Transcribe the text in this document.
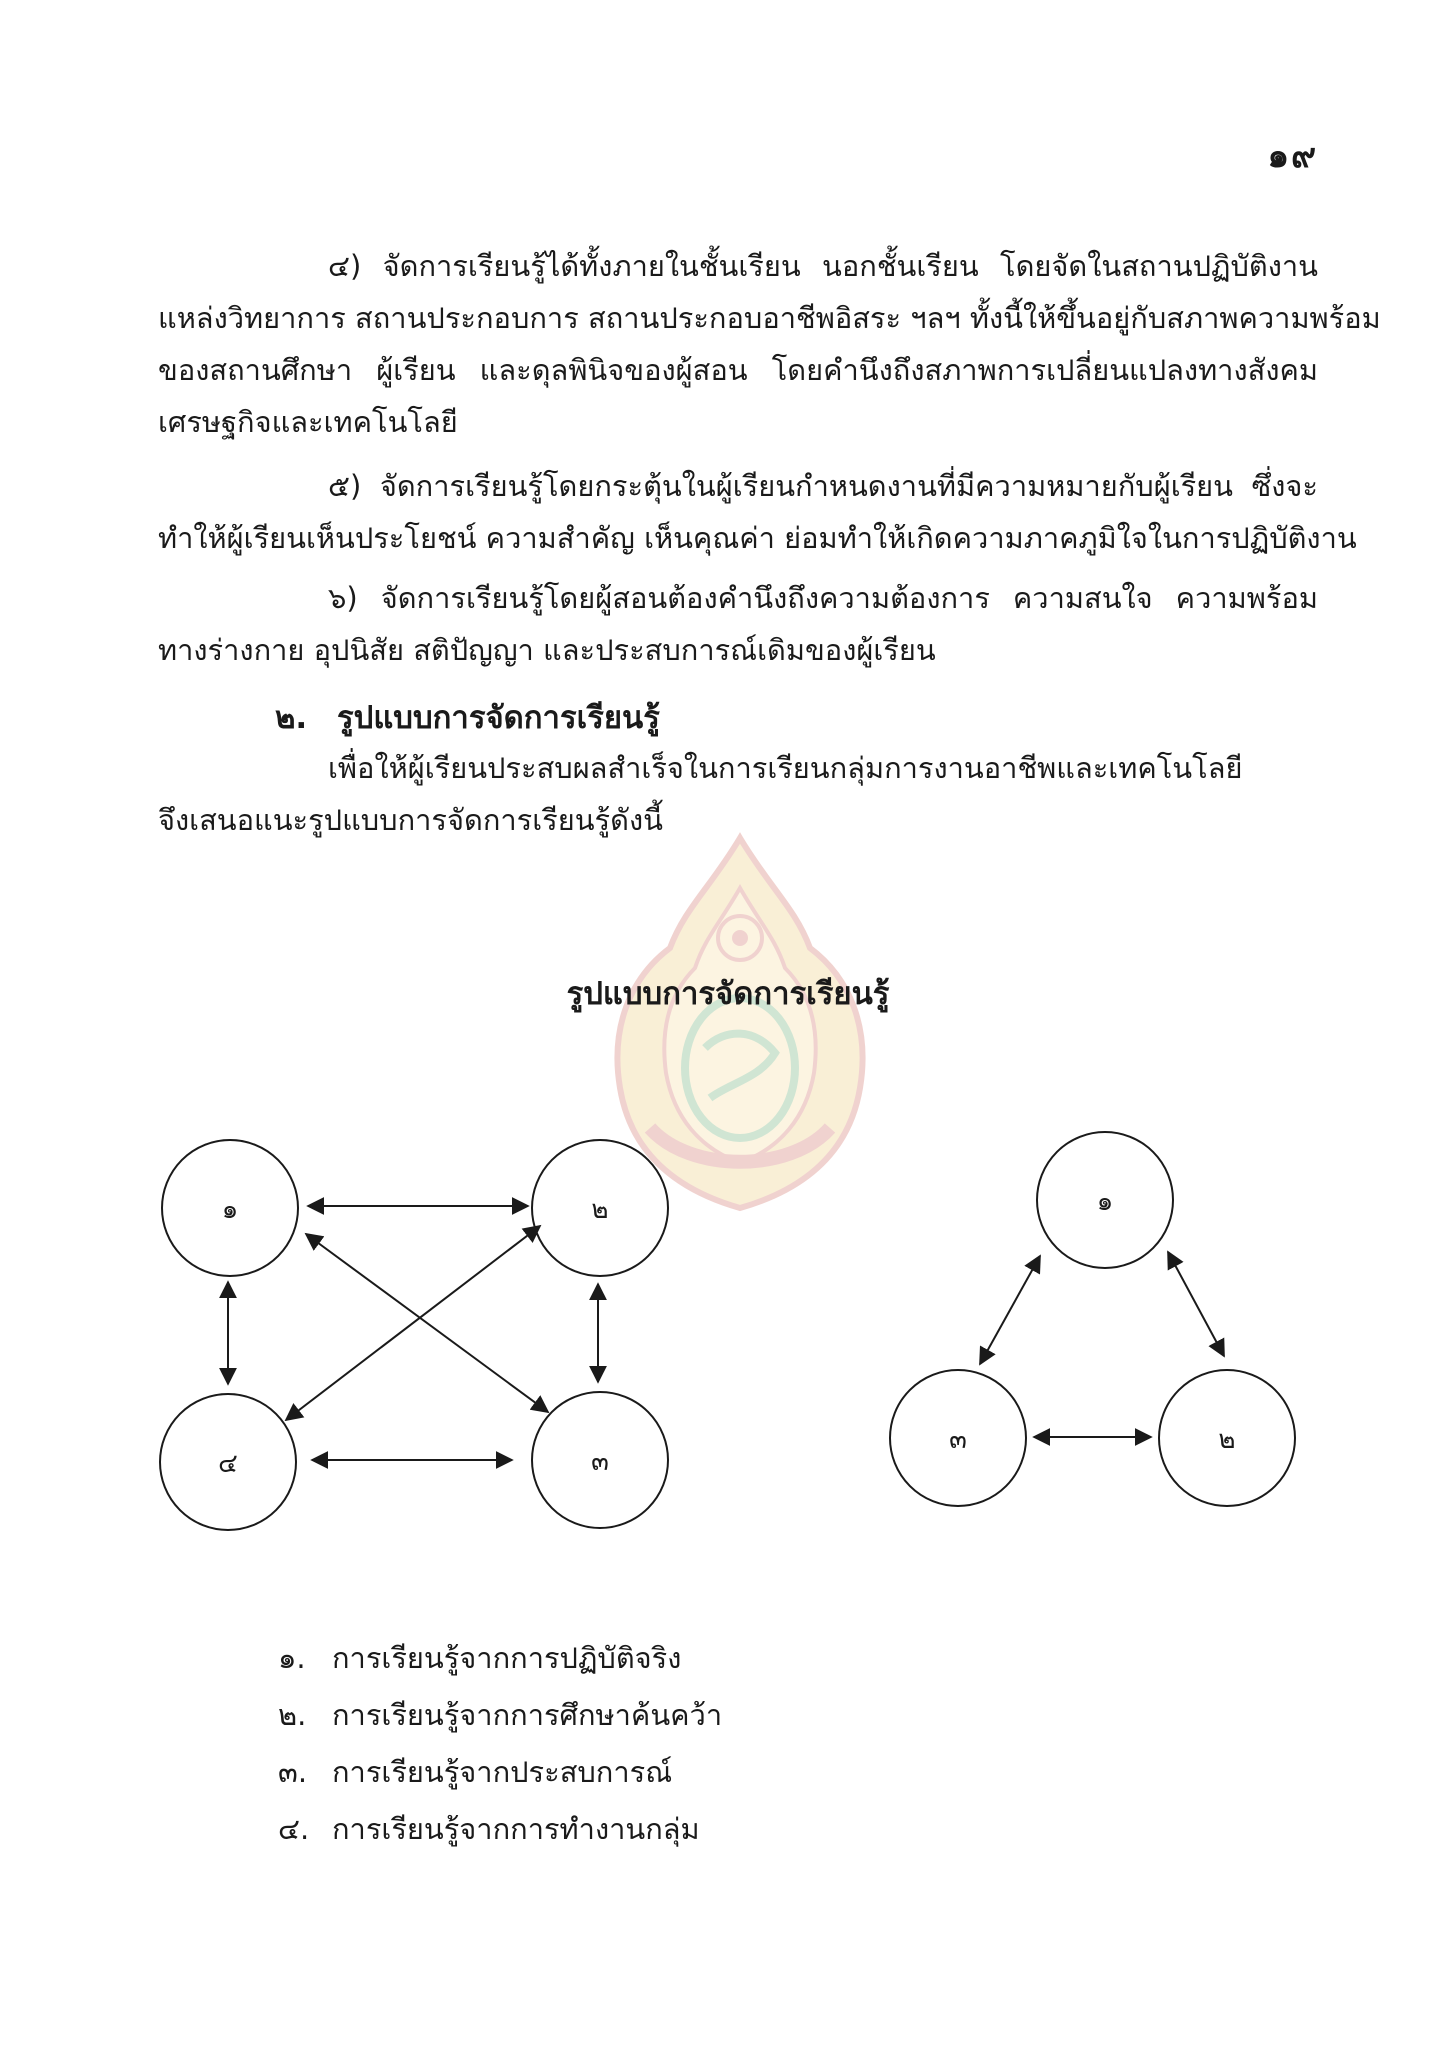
๑๙
๔) จัดการเรียนรู้ได้ทั้งภายในชั้นเรียน นอกชั้นเรียน โดยจัดในสถานปฏิบัติงาน
แหล่งวิทยาการ สถานประกอบการ สถานประกอบอาชีพอิสระ ฯลฯ ทั้งนี้ให้ขึ้นอยู่กับสภาพความพร้อม
ของสถานศึกษา ผู้เรียน และดุลพินิจของผู้สอน โดยคำนึงถึงสภาพการเปลี่ยนแปลงทางสังคม
เศรษฐกิจและเทคโนโลยี
๕) จัดการเรียนรู้โดยกระตุ้นในผู้เรียนกำหนดงานที่มีความหมายกับผู้เรียน ซึ่งจะ
ทำให้ผู้เรียนเห็นประโยชน์ ความสำคัญ เห็นคุณค่า ย่อมทำให้เกิดความภาคภูมิใจในการปฏิบัติงาน
๖) จัดการเรียนรู้โดยผู้สอนต้องคำนึงถึงความต้องการ ความสนใจ ความพร้อม
ทางร่างกาย อุปนิสัย สติปัญญา และประสบการณ์เดิมของผู้เรียน
๒. รูปแบบการจัดการเรียนรู้
เพื่อให้ผู้เรียนประสบผลสำเร็จในการเรียนกลุ่มการงานอาชีพและเทคโนโลยี
จึงเสนอแนะรูปแบบการจัดการเรียนรู้ดังนี้
รูปแบบการจัดการเรียนรู้
๑	๒
๓
๔
๑
๒
๓
๑. การเรียนรู้จากการปฏิบัติจริง
๒. การเรียนรู้จากการศึกษาค้นคว้า
๓. การเรียนรู้จากประสบการณ์
๔. การเรียนรู้จากการทำงานกลุ่ม
